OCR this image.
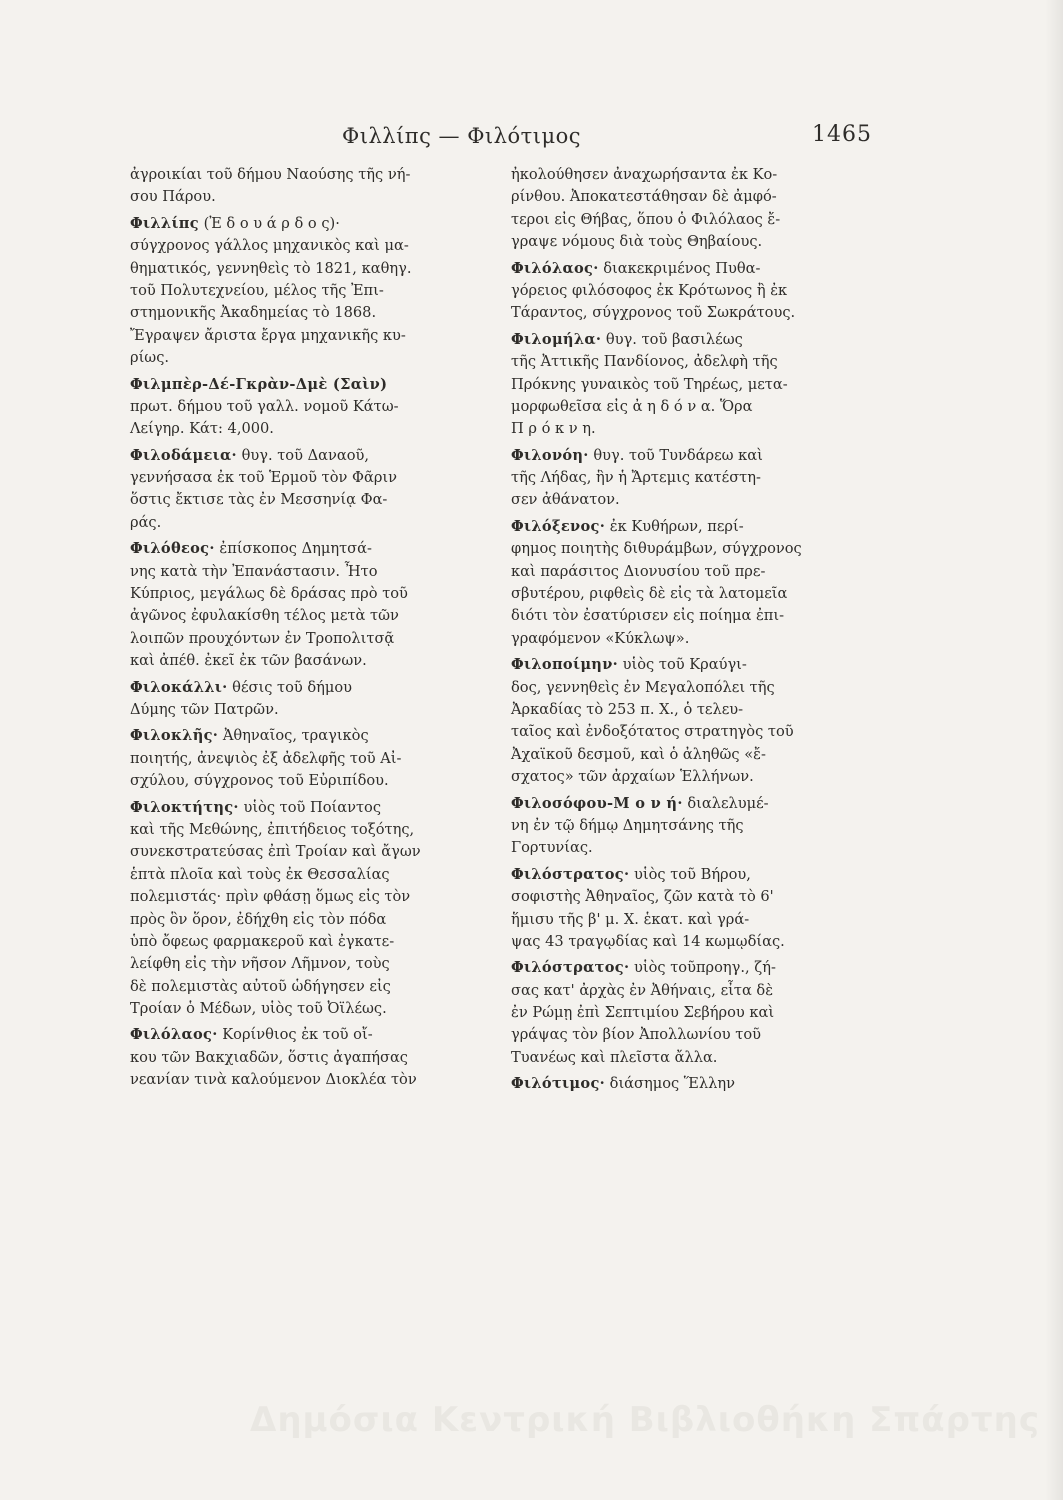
Φιλλίπς — Φιλότιμος	1465
ἀγροικίαι τοῦ δήμου Ναούσης τῆς νή-
σου Πάρου.
Φιλλίπς (Ἐ δ ο υ ά ρ δ ο ς)·
σύγχρονος γάλλος μηχανικὸς καὶ μα-
θηματικός, γεννηθεὶς τὸ 1821, καθηγ.
τοῦ Πολυτεχνείου, μέλος τῆς Ἐπι-
στημονικῆς Ἀκαδημείας τὸ 1868.
Ἔγραψεν ἄριστα ἔργα μηχανικῆς κυ-
ρίως.
Φιλμπὲρ-Δέ-Γκρὰν-Δμὲ (Σαὶν)
πρωτ. δήμου τοῦ γαλλ. νομοῦ Κάτω-
Λείγηρ. Κάτ: 4,000.
Φιλοδάμεια· θυγ. τοῦ Δαναοῦ,
γεννήσασα ἐκ τοῦ Ἑρμοῦ τὸν Φᾶριν
ὅστις ἔκτισε τὰς ἐν Μεσσηνίᾳ Φα-
ράς.
Φιλόθεος· ἐπίσκοπος Δημητσά-
νης κατὰ τὴν Ἐπανάστασιν. Ἦτο
Κύπριος, μεγάλως δὲ δράσας πρὸ τοῦ
ἀγῶνος ἐφυλακίσθη τέλος μετὰ τῶν
λοιπῶν προυχόντων ἐν Τροπολιτσᾷ
καὶ ἀπέθ. ἐκεῖ ἐκ τῶν βασάνων.
Φιλοκάλλι· θέσις τοῦ δήμου
Δύμης τῶν Πατρῶν.
Φιλοκλῆς· Ἀθηναῖος, τραγικὸς
ποιητής, ἀνεψιὸς ἐξ ἀδελφῆς τοῦ Αἰ-
σχύλου, σύγχρονος τοῦ Εὐριπίδου.
Φιλοκτήτης· υἱὸς τοῦ Ποίαντος
καὶ τῆς Μεθώνης, ἐπιτήδειος τοξότης,
συνεκστρατεύσας ἐπὶ Τροίαν καὶ ἄγων
ἑπτὰ πλοῖα καὶ τοὺς ἐκ Θεσσαλίας
πολεμιστάς· πρὶν φθάσῃ ὅμως εἰς τὸν
πρὸς ὃν ὅρον, ἐδήχθη εἰς τὸν πόδα
ὑπὸ ὄφεως φαρμακεροῦ καὶ ἐγκατε-
λείφθη εἰς τὴν νῆσον Λῆμνον, τοὺς
δὲ πολεμιστὰς αὐτοῦ ὡδήγησεν εἰς
Τροίαν ὁ Μέδων, υἱὸς τοῦ Ὀϊλέως.
Φιλόλαος· Κορίνθιος ἐκ τοῦ οἴ-
κου τῶν Βακχιαδῶν, ὅστις ἀγαπήσας
νεανίαν τινὰ καλούμενον Διοκλέα τὸν
ἠκολούθησεν ἀναχωρήσαντα ἐκ Κο-
ρίνθου. Ἀποκατεστάθησαν δὲ ἀμφό-
τεροι εἰς Θήβας, ὅπου ὁ Φιλόλαος ἔ-
γραψε νόμους διὰ τοὺς Θηβαίους.
Φιλόλαος· διακεκριμένος Πυθα-
γόρειος φιλόσοφος ἐκ Κρότωνος ἢ ἐκ
Τάραντος, σύγχρονος τοῦ Σωκράτους.
Φιλομήλα· θυγ. τοῦ βασιλέως
τῆς Ἀττικῆς Πανδίονος, ἀδελφὴ τῆς
Πρόκνης γυναικὸς τοῦ Τηρέως, μετα-
μορφωθεῖσα εἰς ἀ η δ ό ν α. Ὅρα
Π ρ ό κ ν η.
Φιλονόη· θυγ. τοῦ Τυνδάρεω καὶ
τῆς Λήδας, ἣν ἡ Ἄρτεμις κατέστη-
σεν ἀθάνατον.
Φιλόξενος· ἐκ Κυθήρων, περί-
φημος ποιητὴς διθυράμβων, σύγχρονος
καὶ παράσιτος Διονυσίου τοῦ πρε-
σβυτέρου, ριφθεὶς δὲ εἰς τὰ λατομεῖα
διότι τὸν ἐσατύρισεν εἰς ποίημα ἐπι-
γραφόμενον «Κύκλωψ».
Φιλοποίμην· υἱὸς τοῦ Κραύγι-
δος, γεννηθεὶς ἐν Μεγαλοπόλει τῆς
Ἀρκαδίας τὸ 253 π. Χ., ὁ τελευ-
ταῖος καὶ ἐνδοξότατος στρατηγὸς τοῦ
Ἀχαϊκοῦ δεσμοῦ, καὶ ὁ ἀληθῶς «ἔ-
σχατος» τῶν ἀρχαίων Ἑλλήνων.
Φιλοσόφου-Μ ο ν ή· διαλελυμέ-
νη ἐν τῷ δήμῳ Δημητσάνης τῆς
Γορτυνίας.
Φιλόστρατος· υἱὸς τοῦ Βήρου,
σοφιστὴς Ἀθηναῖος, ζῶν κατὰ τὸ 6'
ἥμισυ τῆς β' μ. Χ. ἑκατ. καὶ γρά-
ψας 43 τραγῳδίας καὶ 14 κωμῳδίας.
Φιλόστρατος· υἱὸς τοῦπροηγ., ζή-
σας κατ' ἀρχὰς ἐν Ἀθήναις, εἶτα δὲ
ἐν Ρώμῃ ἐπὶ Σεπτιμίου Σεβήρου καὶ
γράψας τὸν βίον Ἀπολλωνίου τοῦ
Τυανέως καὶ πλεῖστα ἄλλα.
Φιλότιμος· διάσημος Ἕλλην
Δημόσια Κεντρική Βιβλιοθήκη Σπάρτης
